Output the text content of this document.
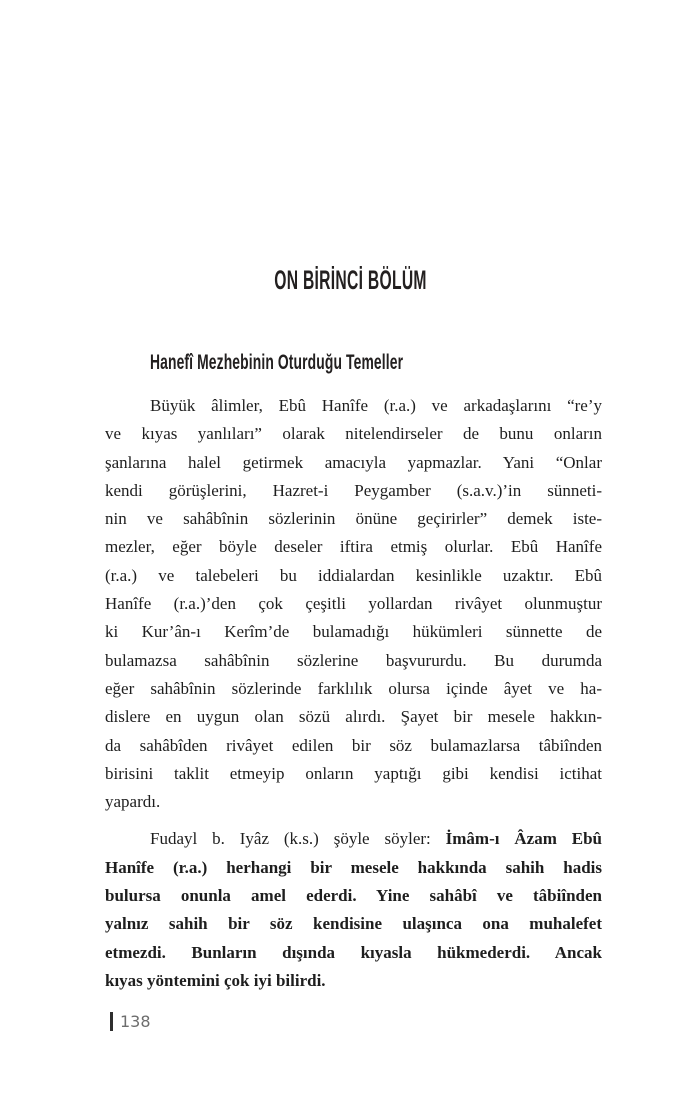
ON BİRİNCİ BÖLÜM
Hanefî Mezhebinin Oturduğu Temeller
Büyük âlimler, Ebû Hanîfe (r.a.) ve arkadaşlarını “re’y
ve kıyas yanlıları” olarak nitelendirseler de bunu onların
şanlarına halel getirmek amacıyla yapmazlar. Yani “Onlar
kendi görüşlerini, Hazret-i Peygamber (s.a.v.)’in sünneti-
nin ve sahâbînin sözlerinin önüne geçirirler” demek iste-
mezler, eğer böyle deseler iftira etmiş olurlar. Ebû Hanîfe
(r.a.) ve talebeleri bu iddialardan kesinlikle uzaktır. Ebû
Hanîfe (r.a.)’den çok çeşitli yollardan rivâyet olunmuştur
ki Kur’ân-ı Kerîm’de bulamadığı hükümleri sünnette de
bulamazsa sahâbînin sözlerine başvururdu. Bu durumda
eğer sahâbînin sözlerinde farklılık olursa içinde âyet ve ha-
dislere en uygun olan sözü alırdı. Şayet bir mesele hakkın-
da sahâbîden rivâyet edilen bir söz bulamazlarsa tâbiînden
birisini taklit etmeyip onların yaptığı gibi kendisi ictihat
yapardı.
Fudayl b. Iyâz (k.s.) şöyle söyler: İmâm-ı Âzam Ebû
Hanîfe (r.a.) herhangi bir mesele hakkında sahih hadis
bulursa onunla amel ederdi. Yine sahâbî ve tâbiînden
yalnız sahih bir söz kendisine ulaşınca ona muhalefet
etmezdi. Bunların dışında kıyasla hükmederdi. Ancak
kıyas yöntemini çok iyi bilirdi.
138
